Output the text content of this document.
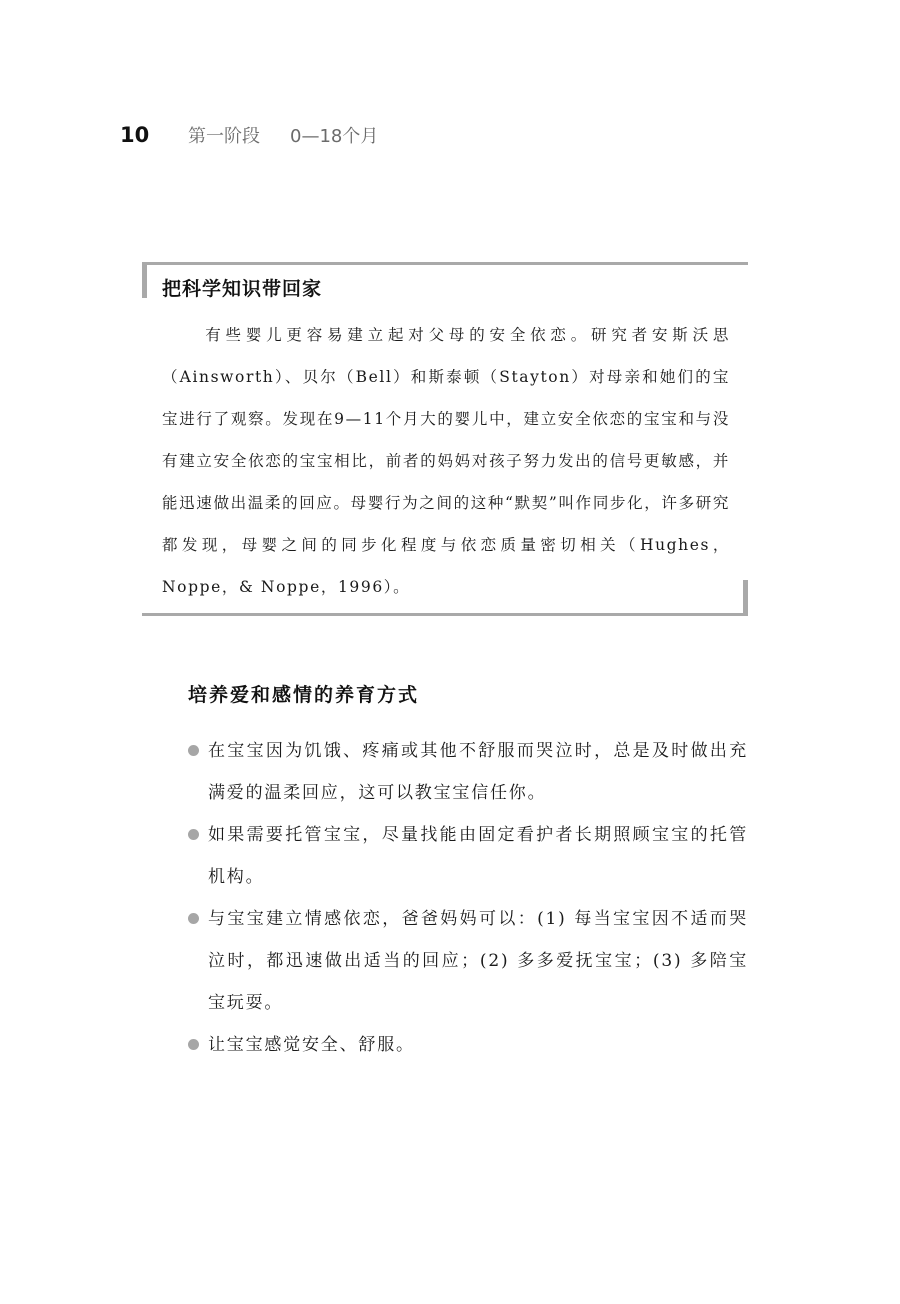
10	第一阶段 0—18个月
把科学知识带回家
有些婴儿更容易建立起对父母的安全依恋。研究者安斯沃思（Ainsworth）、贝尔（Bell）和斯泰顿（Stayton）对母亲和她们的宝宝进行了观察。发现在9—11个月大的婴儿中，建立安全依恋的宝宝和与没有建立安全依恋的宝宝相比，前者的妈妈对孩子努力发出的信号更敏感，并能迅速做出温柔的回应。母婴行为之间的这种“默契”叫作同步化，许多研究都发现，母婴之间的同步化程度与依恋质量密切相关（Hughes，Noppe，& Noppe，1996）。
培养爱和感情的养育方式
在宝宝因为饥饿、疼痛或其他不舒服而哭泣时，总是及时做出充满爱的温柔回应，这可以教宝宝信任你。
如果需要托管宝宝，尽量找能由固定看护者长期照顾宝宝的托管机构。
与宝宝建立情感依恋，爸爸妈妈可以：(1) 每当宝宝因不适而哭泣时，都迅速做出适当的回应；(2) 多多爱抚宝宝；(3) 多陪宝宝玩耍。
让宝宝感觉安全、舒服。
